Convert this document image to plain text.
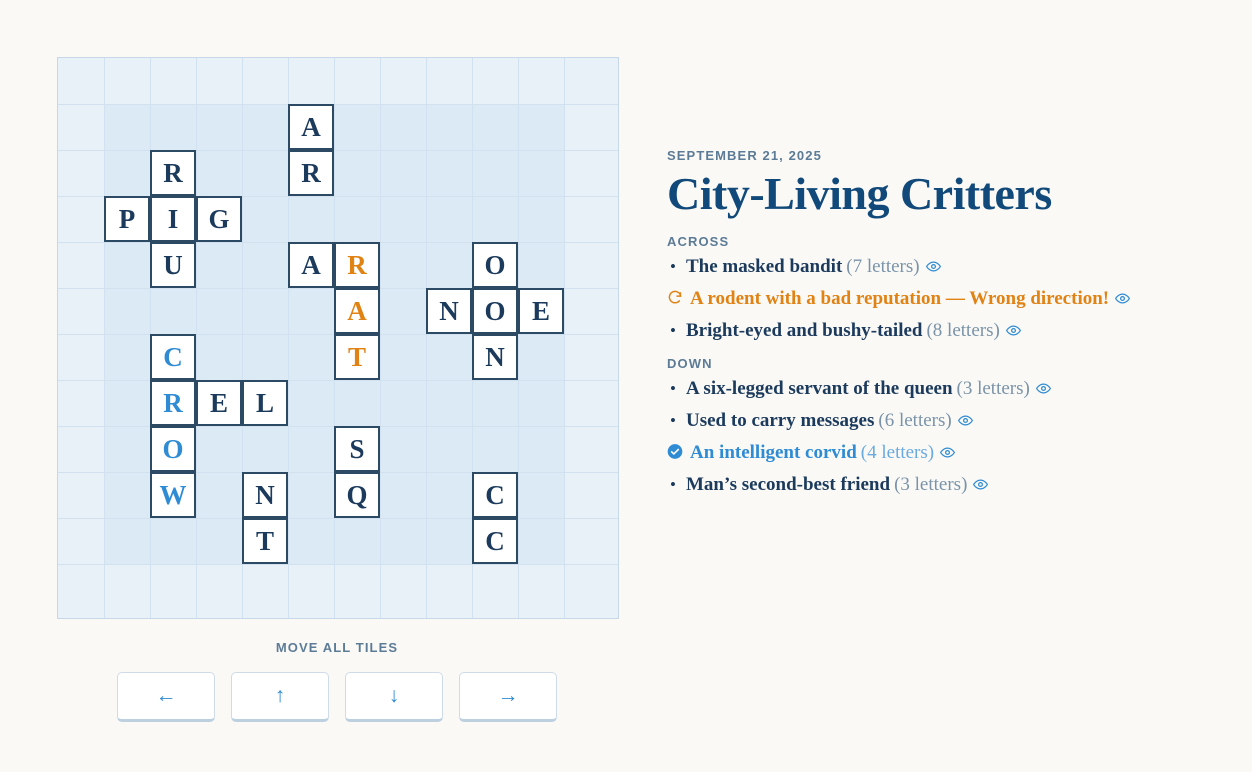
A
R
R
P	I	G
U	A R	O
N O E
A
C	T	N
R	E	L
O	S
W	N	Q	C
T	C
MOVE ALL TILES
←	↑	↓	→
SEPTEMBER 21, 2025
City-Living Critters
ACROSS
• The masked bandit (7 letters)
A rodent with a bad reputation — Wrong direction!
• Bright-eyed and bushy-tailed (8 letters)
DOWN
• A six-legged servant of the queen (3 letters)
• Used to carry messages (6 letters)
An intelligent corvid (4 letters)
• Man’s second-best friend (3 letters)
